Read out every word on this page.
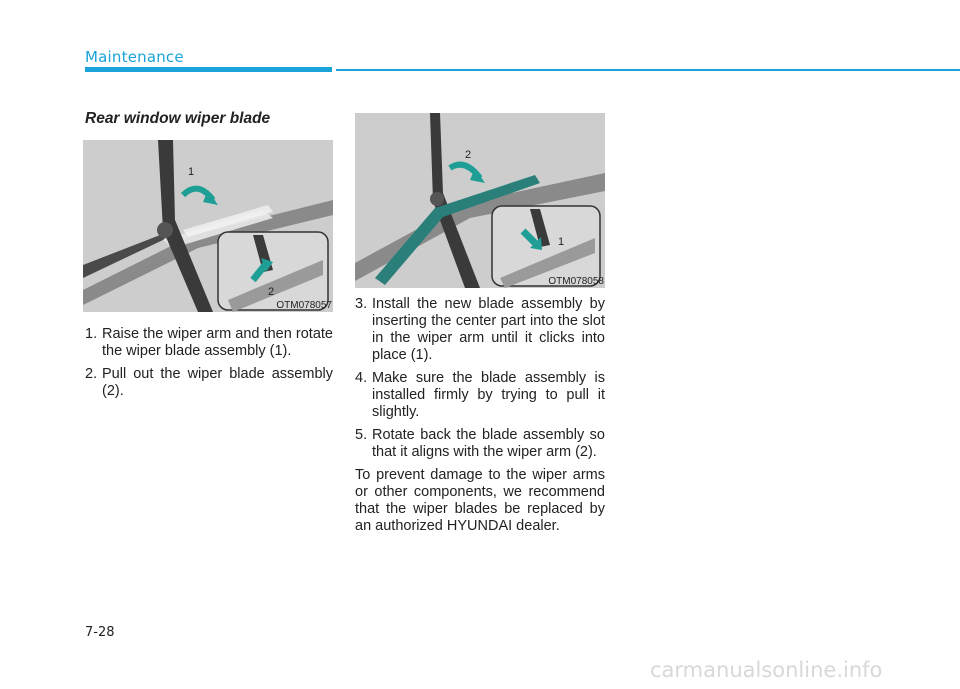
Maintenance
Rear window wiper blade
1
2
OTM078057
2
1
OTM078058
1. Raise the wiper arm and then rotate the wiper blade assembly (1).
2. Pull out the wiper blade assembly (2).
3. Install the new blade assembly by inserting the center part into the slot in the wiper arm until it clicks into place (1).
4. Make sure the blade assembly is installed firmly by trying to pull it slightly.
5. Rotate back the blade assembly so that it aligns with the wiper arm (2).
To prevent damage to the wiper arms or other components, we recommend that the wiper blades be replaced by an authorized HYUNDAI dealer.
7-28
carmanualsonline.info
